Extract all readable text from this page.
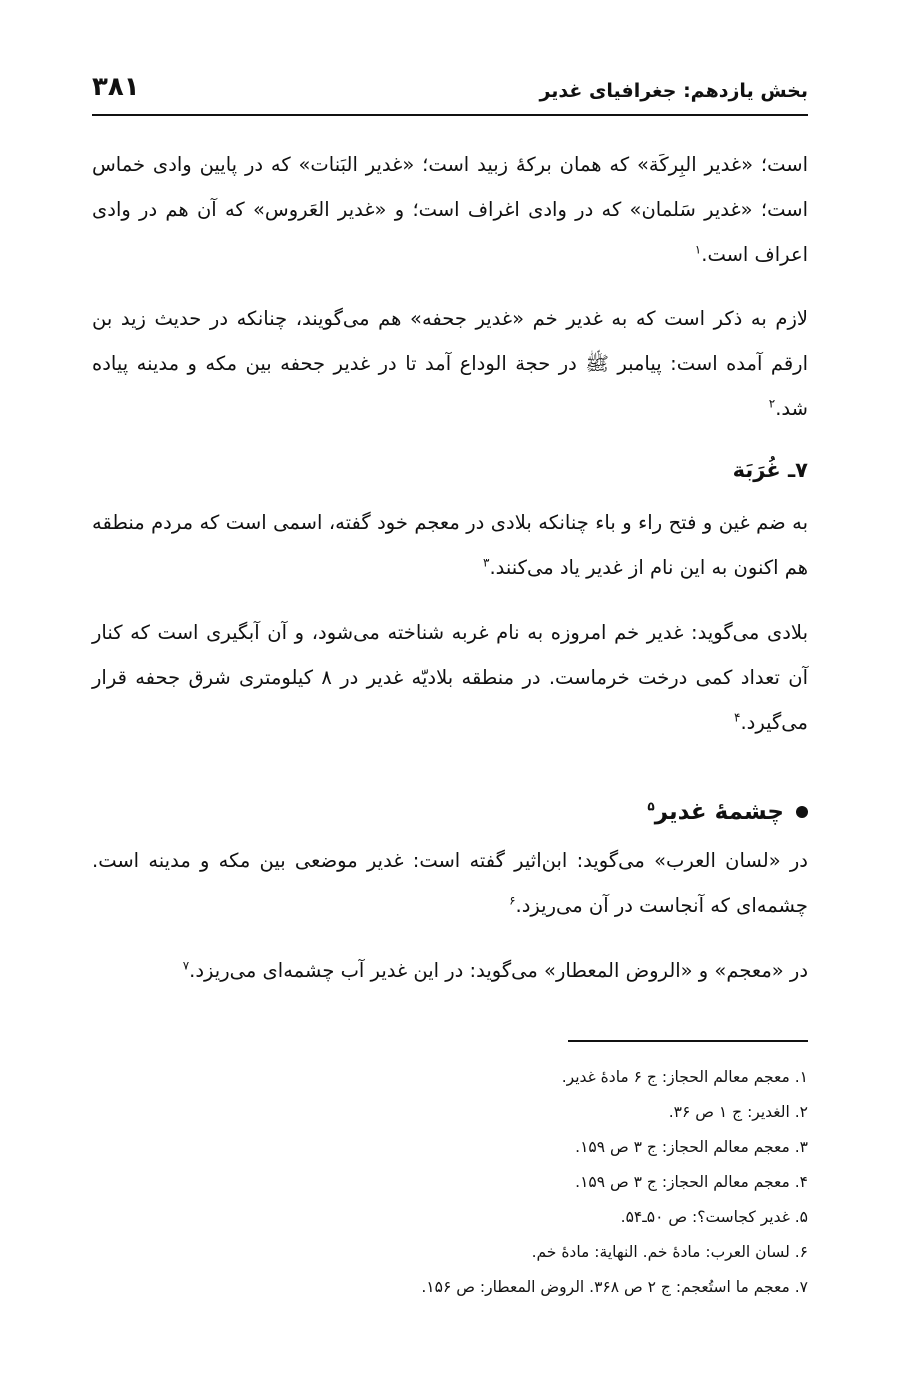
بخش یازدهم: جغرافیای غدیر
۳۸۱

است؛ «غدیر البِرکَة» که همان برکهٔ زبید است؛ «غدیر البَنات» که در پایین وادی خماس است؛ «غدیر سَلمان» که در وادی اغراف است؛ و «غدیر العَروس» که آن هم در وادی اعراف است.$^۱$

لازم به ذکر است که به غدیر خم «غدیر جحفه» هم می‌گویند، چنانکه در حدیث زید بن ارقم آمده است: پیامبر ﷺ در حجة الوداع آمد تا در غدیر جحفه بین مکه و مدینه پیاده شد.$^۲$

۷ـ غُرَبَة

به ضم غین و فتح راء و باء چنانکه بلادی در معجم خود گفته، اسمی است که مردم منطقه هم اکنون به این نام از غدیر یاد می‌کنند.$^۳$

بلادی می‌گوید: غدیر خم امروزه به نام غربه شناخته می‌شود، و آن آبگیری است که کنار آن تعداد کمی درخت خرماست. در منطقه بلادیّه غدیر در ۸ کیلومتری شرق جحفه قرار می‌گیرد.$^۴$

چشمهٔ غدیر$^۵$

در «لسان العرب» می‌گوید: ابن‌اثیر گفته است: غدیر موضعی بین مکه و مدینه است. چشمه‌ای که آنجاست در آن می‌ریزد.$^۶$

در «معجم» و «الروض المعطار» می‌گوید: در این غدیر آب چشمه‌ای می‌ریزد.$^۷$

۱. معجم معالم الحجاز: ج ۶ مادهٔ غدیر.

۲. الغدیر: ج ۱ ص ۳۶.

۳. معجم معالم الحجاز: ج ۳ ص ۱۵۹.

۴. معجم معالم الحجاز: ج ۳ ص ۱۵۹.

۵. غدیر کجاست؟: ص ۵۰ـ۵۴.

۶. لسان العرب: مادهٔ خم. النهایة: مادهٔ خم.

۷. معجم ما استُعجم: ج ۲ ص ۳۶۸. الروض المعطار: ص ۱۵۶.
